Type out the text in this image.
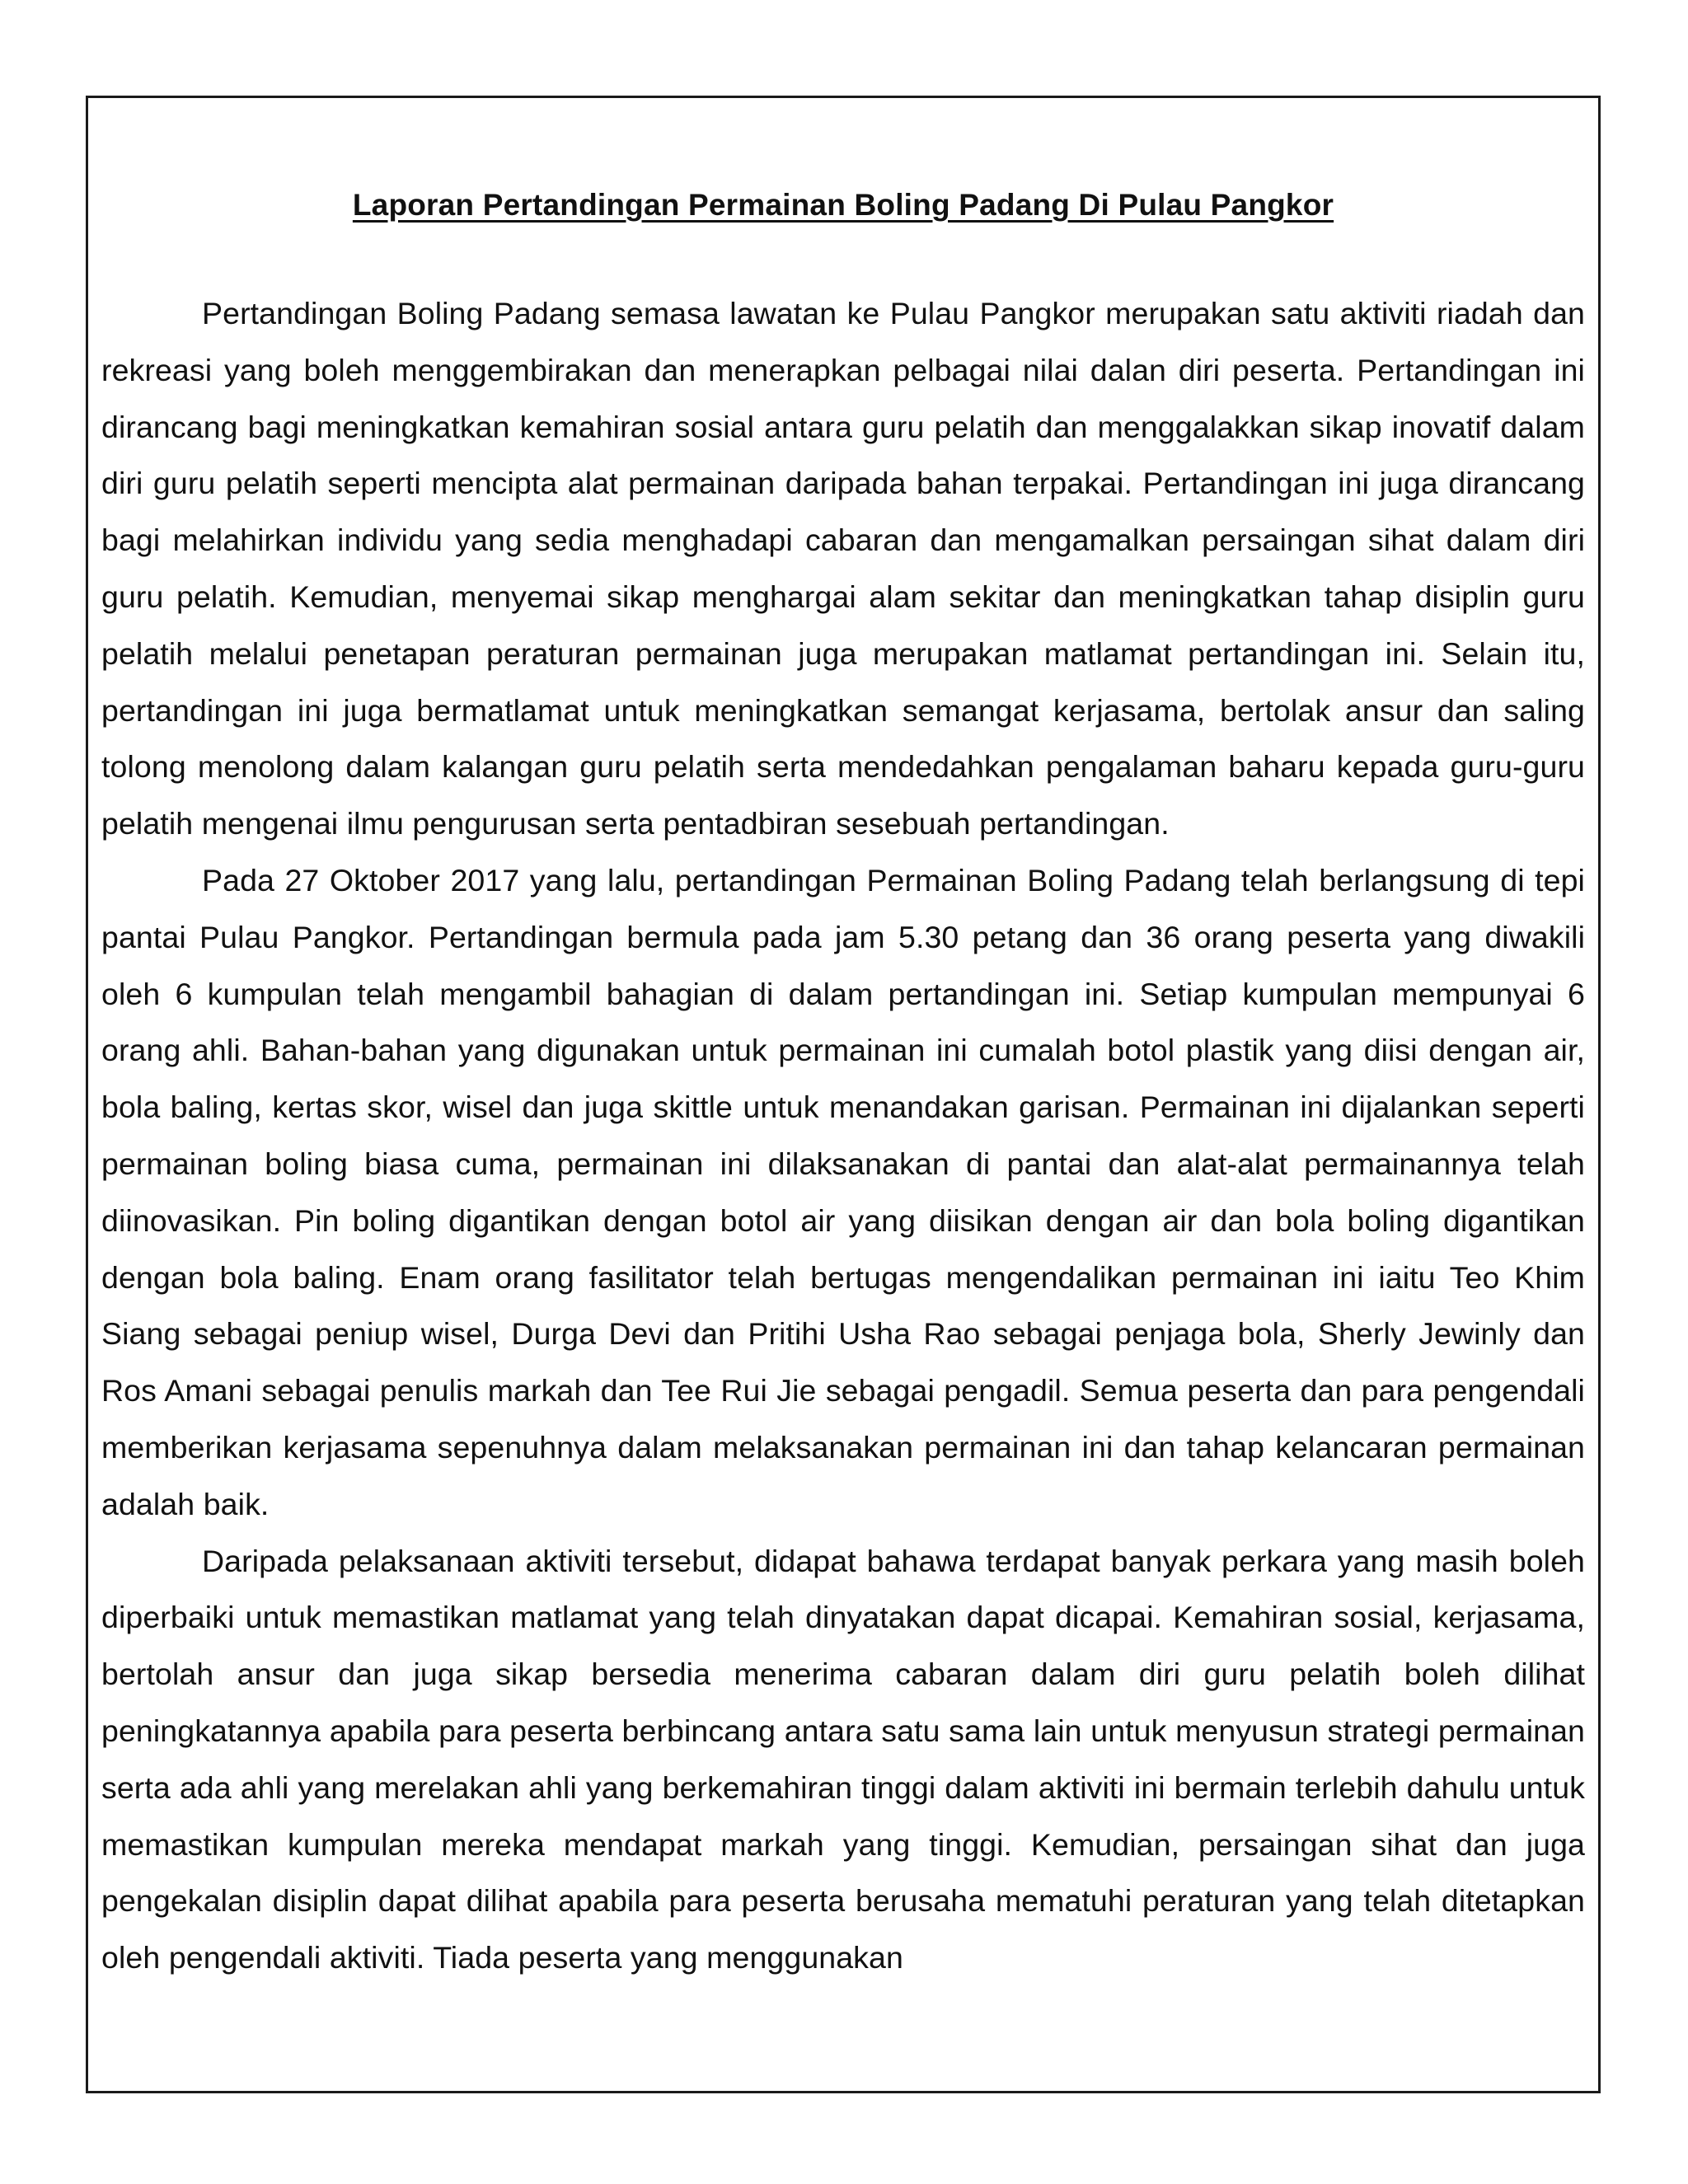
Laporan Pertandingan Permainan Boling Padang Di Pulau Pangkor

Pertandingan Boling Padang semasa lawatan ke Pulau Pangkor merupakan satu aktiviti riadah dan rekreasi yang boleh menggembirakan dan menerapkan pelbagai nilai dalan diri peserta. Pertandingan ini dirancang bagi meningkatkan kemahiran sosial antara guru pelatih dan menggalakkan sikap inovatif dalam diri guru pelatih seperti mencipta alat permainan daripada bahan terpakai. Pertandingan ini juga dirancang bagi melahirkan individu yang sedia menghadapi cabaran dan mengamalkan persaingan sihat dalam diri guru pelatih. Kemudian, menyemai sikap menghargai alam sekitar dan meningkatkan tahap disiplin guru pelatih melalui penetapan peraturan permainan juga merupakan matlamat pertandingan ini. Selain itu, pertandingan ini juga bermatlamat untuk meningkatkan semangat kerjasama, bertolak ansur dan saling tolong menolong dalam kalangan guru pelatih serta mendedahkan pengalaman baharu kepada guru-guru pelatih mengenai ilmu pengurusan serta pentadbiran sesebuah pertandingan.

Pada 27 Oktober 2017 yang lalu, pertandingan Permainan Boling Padang telah berlangsung di tepi pantai Pulau Pangkor. Pertandingan bermula pada jam 5.30 petang dan 36 orang peserta yang diwakili oleh 6 kumpulan telah mengambil bahagian di dalam pertandingan ini. Setiap kumpulan mempunyai 6 orang ahli. Bahan-bahan yang digunakan untuk permainan ini cumalah botol plastik yang diisi dengan air, bola baling, kertas skor, wisel dan juga skittle untuk menandakan garisan. Permainan ini dijalankan seperti permainan boling biasa cuma, permainan ini dilaksanakan di pantai dan alat-alat permainannya telah diinovasikan. Pin boling digantikan dengan botol air yang diisikan dengan air dan bola boling digantikan dengan bola baling. Enam orang fasilitator telah bertugas mengendalikan permainan ini iaitu Teo Khim Siang sebagai peniup wisel, Durga Devi dan Pritihi Usha Rao sebagai penjaga bola, Sherly Jewinly dan Ros Amani sebagai penulis markah dan Tee Rui Jie sebagai pengadil. Semua peserta dan para pengendali memberikan kerjasama sepenuhnya dalam melaksanakan permainan ini dan tahap kelancaran permainan adalah baik.

Daripada pelaksanaan aktiviti tersebut, didapat bahawa terdapat banyak perkara yang masih boleh diperbaiki untuk memastikan matlamat yang telah dinyatakan dapat dicapai. Kemahiran sosial, kerjasama, bertolah ansur dan juga sikap bersedia menerima cabaran dalam diri guru pelatih boleh dilihat peningkatannya apabila para peserta berbincang antara satu sama lain untuk menyusun strategi permainan serta ada ahli yang merelakan ahli yang berkemahiran tinggi dalam aktiviti ini bermain terlebih dahulu untuk memastikan kumpulan mereka mendapat markah yang tinggi. Kemudian, persaingan sihat dan juga pengekalan disiplin dapat dilihat apabila para peserta berusaha mematuhi peraturan yang telah ditetapkan oleh pengendali aktiviti. Tiada peserta yang menggunakan
